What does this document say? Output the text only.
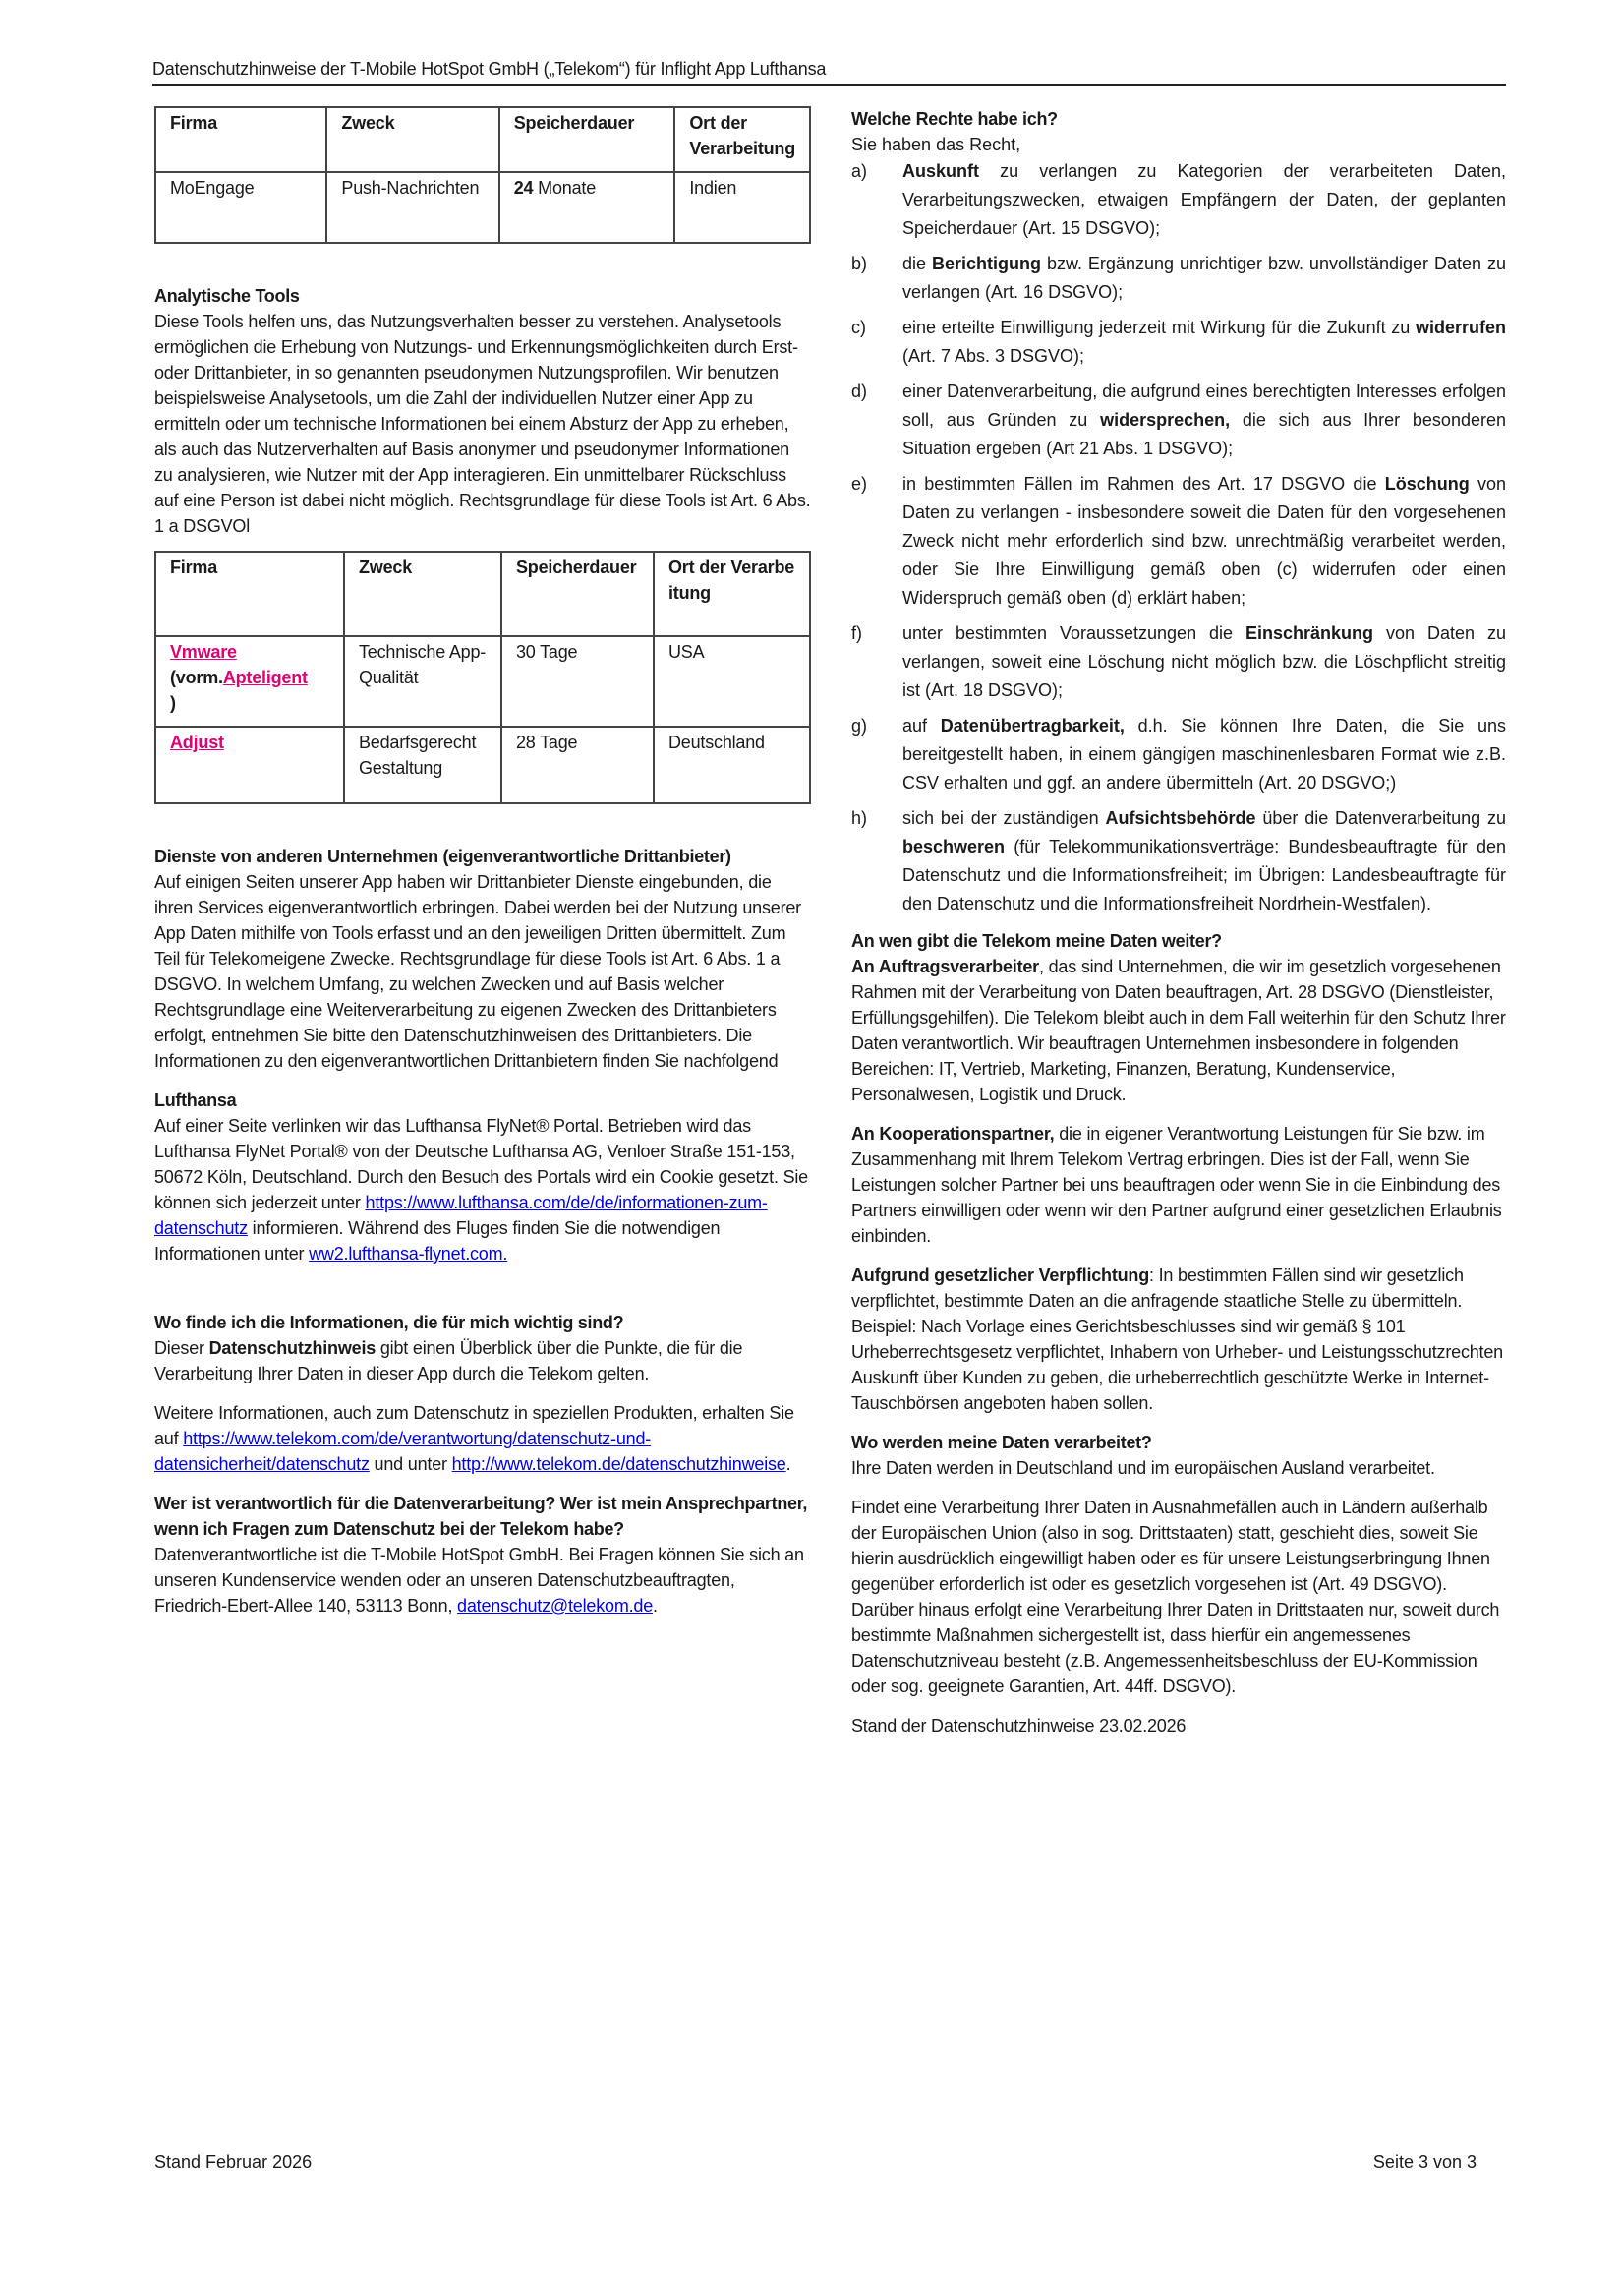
Datenschutzhinweise der T-Mobile HotSpot GmbH („Telekom“) für Inflight App Lufthansa
Firma	Zweck	Speicherdauer	Ort der Verarbeitung
MoEngage	Push-Nachrichten	24 Monate	Indien
Analytische Tools

Diese Tools helfen uns, das Nutzungsverhalten besser zu verstehen. Analysetools ermöglichen die Erhebung von Nutzungs- und Erkennungsmöglichkeiten durch Erst- oder Drittanbieter, in so genannten pseudonymen Nutzungsprofilen. Wir benutzen beispielsweise Analysetools, um die Zahl der individuellen Nutzer einer App zu ermitteln oder um technische Informationen bei einem Absturz der App zu erheben, als auch das Nutzerverhalten auf Basis anonymer und pseudonymer Informationen zu analysieren, wie Nutzer mit der App interagieren. Ein unmittelbarer Rückschluss auf eine Person ist dabei nicht möglich. Rechtsgrundlage für diese Tools ist Art. 6 Abs. 1 a DSGVOl

Firma	Zweck	Speicherdauer	Ort der Verarbeitung
Vmware
(vorm.Apteligent
)	Technische App-Qualität	30 Tage	USA
Adjust	Bedarfsgerecht Gestaltung	28 Tage	Deutschland
Dienste von anderen Unternehmen (eigenverantwortliche Drittanbieter)

Auf einigen Seiten unserer App haben wir Drittanbieter Dienste eingebunden, die ihren Services eigenverantwortlich erbringen. Dabei werden bei der Nutzung unserer App Daten mithilfe von Tools erfasst und an den jeweiligen Dritten übermittelt. Zum Teil für Telekomeigene Zwecke. Rechtsgrundlage für diese Tools ist Art. 6 Abs. 1 a DSGVO. In welchem Umfang, zu welchen Zwecken und auf Basis welcher Rechtsgrundlage eine Weiterverarbeitung zu eigenen Zwecken des Drittanbieters erfolgt, entnehmen Sie bitte den Datenschutzhinweisen des Drittanbieters. Die Informationen zu den eigenverantwortlichen Drittanbietern finden Sie nachfolgend

Lufthansa

Auf einer Seite verlinken wir das Lufthansa FlyNet® Portal. Betrieben wird das Lufthansa FlyNet Portal® von der Deutsche Lufthansa AG, Venloer Straße 151-153, 50672 Köln, Deutschland. Durch den Besuch des Portals wird ein Cookie gesetzt. Sie können sich jederzeit unter https://www.lufthansa.com/de/de/informationen-zum-datenschutz informieren. Während des Fluges finden Sie die notwendigen Informationen unter ww2.lufthansa-flynet.com.

Wo finde ich die Informationen, die für mich wichtig sind?

Dieser Datenschutzhinweis gibt einen Überblick über die Punkte, die für die Verarbeitung Ihrer Daten in dieser App durch die Telekom gelten.

Weitere Informationen, auch zum Datenschutz in speziellen Produkten, erhalten Sie auf https://www.telekom.com/de/verantwortung/datenschutz-und-datensicherheit/datenschutz und unter http://www.telekom.de/datenschutzhinweise.

Wer ist verantwortlich für die Datenverarbeitung? Wer ist mein Ansprechpartner, wenn ich Fragen zum Datenschutz bei der Telekom habe?

Datenverantwortliche ist die T-Mobile HotSpot GmbH. Bei Fragen können Sie sich an unseren Kundenservice wenden oder an unseren Datenschutzbeauftragten, Friedrich-Ebert-Allee 140, 53113 Bonn, datenschutz@telekom.de.

Welche Rechte habe ich?
Sie haben das Recht,
a)	Auskunft zu verlangen zu Kategorien der verarbeiteten Daten, Verarbeitungszwecken, etwaigen Empfängern der Daten, der geplanten Speicherdauer (Art. 15 DSGVO);
b)	die Berichtigung bzw. Ergänzung unrichtiger bzw. unvollständiger Daten zu verlangen (Art. 16 DSGVO);
c)	eine erteilte Einwilligung jederzeit mit Wirkung für die Zukunft zu widerrufen (Art. 7 Abs. 3 DSGVO);
d)	einer Datenverarbeitung, die aufgrund eines berechtigten Interesses erfolgen soll, aus Gründen zu widersprechen, die sich aus Ihrer besonderen Situation ergeben (Art 21 Abs. 1 DSGVO);
e)	in bestimmten Fällen im Rahmen des Art. 17 DSGVO die Löschung von Daten zu verlangen - insbesondere soweit die Daten für den vorgesehenen Zweck nicht mehr erforderlich sind bzw. unrechtmäßig verarbeitet werden, oder Sie Ihre Einwilligung gemäß oben (c) widerrufen oder einen Widerspruch gemäß oben (d) erklärt haben;
f)	unter bestimmten Voraussetzungen die Einschränkung von Daten zu verlangen, soweit eine Löschung nicht möglich bzw. die Löschpflicht streitig ist (Art. 18 DSGVO);
g)	auf Datenübertragbarkeit, d.h. Sie können Ihre Daten, die Sie uns bereitgestellt haben, in einem gängigen maschinenlesbaren Format wie z.B. CSV erhalten und ggf. an andere übermitteln (Art. 20 DSGVO;)
h)	sich bei der zuständigen Aufsichtsbehörde über die Datenverarbeitung zu beschweren (für Telekommunikationsverträge: Bundesbeauftragte für den Datenschutz und die Informationsfreiheit; im Übrigen: Landesbeauftragte für den Datenschutz und die Informationsfreiheit Nordrhein-Westfalen).
An wen gibt die Telekom meine Daten weiter?

An Auftragsverarbeiter, das sind Unternehmen, die wir im gesetzlich vorgesehenen Rahmen mit der Verarbeitung von Daten beauftragen, Art. 28 DSGVO (Dienstleister, Erfüllungsgehilfen). Die Telekom bleibt auch in dem Fall weiterhin für den Schutz Ihrer Daten verantwortlich. Wir beauftragen Unternehmen insbesondere in folgenden Bereichen: IT, Vertrieb, Marketing, Finanzen, Beratung, Kundenservice, Personalwesen, Logistik und Druck.

An Kooperationspartner, die in eigener Verantwortung Leistungen für Sie bzw. im Zusammenhang mit Ihrem Telekom Vertrag erbringen. Dies ist der Fall, wenn Sie Leistungen solcher Partner bei uns beauftragen oder wenn Sie in die Einbindung des Partners einwilligen oder wenn wir den Partner aufgrund einer gesetzlichen Erlaubnis einbinden.

Aufgrund gesetzlicher Verpflichtung: In bestimmten Fällen sind wir gesetzlich verpflichtet, bestimmte Daten an die anfragende staatliche Stelle zu übermitteln. Beispiel: Nach Vorlage eines Gerichtsbeschlusses sind wir gemäß § 101 Urheberrechtsgesetz verpflichtet, Inhabern von Urheber- und Leistungsschutzrechten Auskunft über Kunden zu geben, die urheberrechtlich geschützte Werke in Internet-Tauschbörsen angeboten haben sollen.

Wo werden meine Daten verarbeitet?

Ihre Daten werden in Deutschland und im europäischen Ausland verarbeitet.

Findet eine Verarbeitung Ihrer Daten in Ausnahmefällen auch in Ländern außerhalb der Europäischen Union (also in sog. Drittstaaten) statt, geschieht dies, soweit Sie hierin ausdrücklich eingewilligt haben oder es für unsere Leistungserbringung Ihnen gegenüber erforderlich ist oder es gesetzlich vorgesehen ist (Art. 49 DSGVO). Darüber hinaus erfolgt eine Verarbeitung Ihrer Daten in Drittstaaten nur, soweit durch bestimmte Maßnahmen sichergestellt ist, dass hierfür ein angemessenes Datenschutzniveau besteht (z.B. Angemessenheitsbeschluss der EU-Kommission oder sog. geeignete Garantien, Art. 44ff. DSGVO).

Stand der Datenschutzhinweise 23.02.2026

Stand Februar 2026	Seite 3 von 3
